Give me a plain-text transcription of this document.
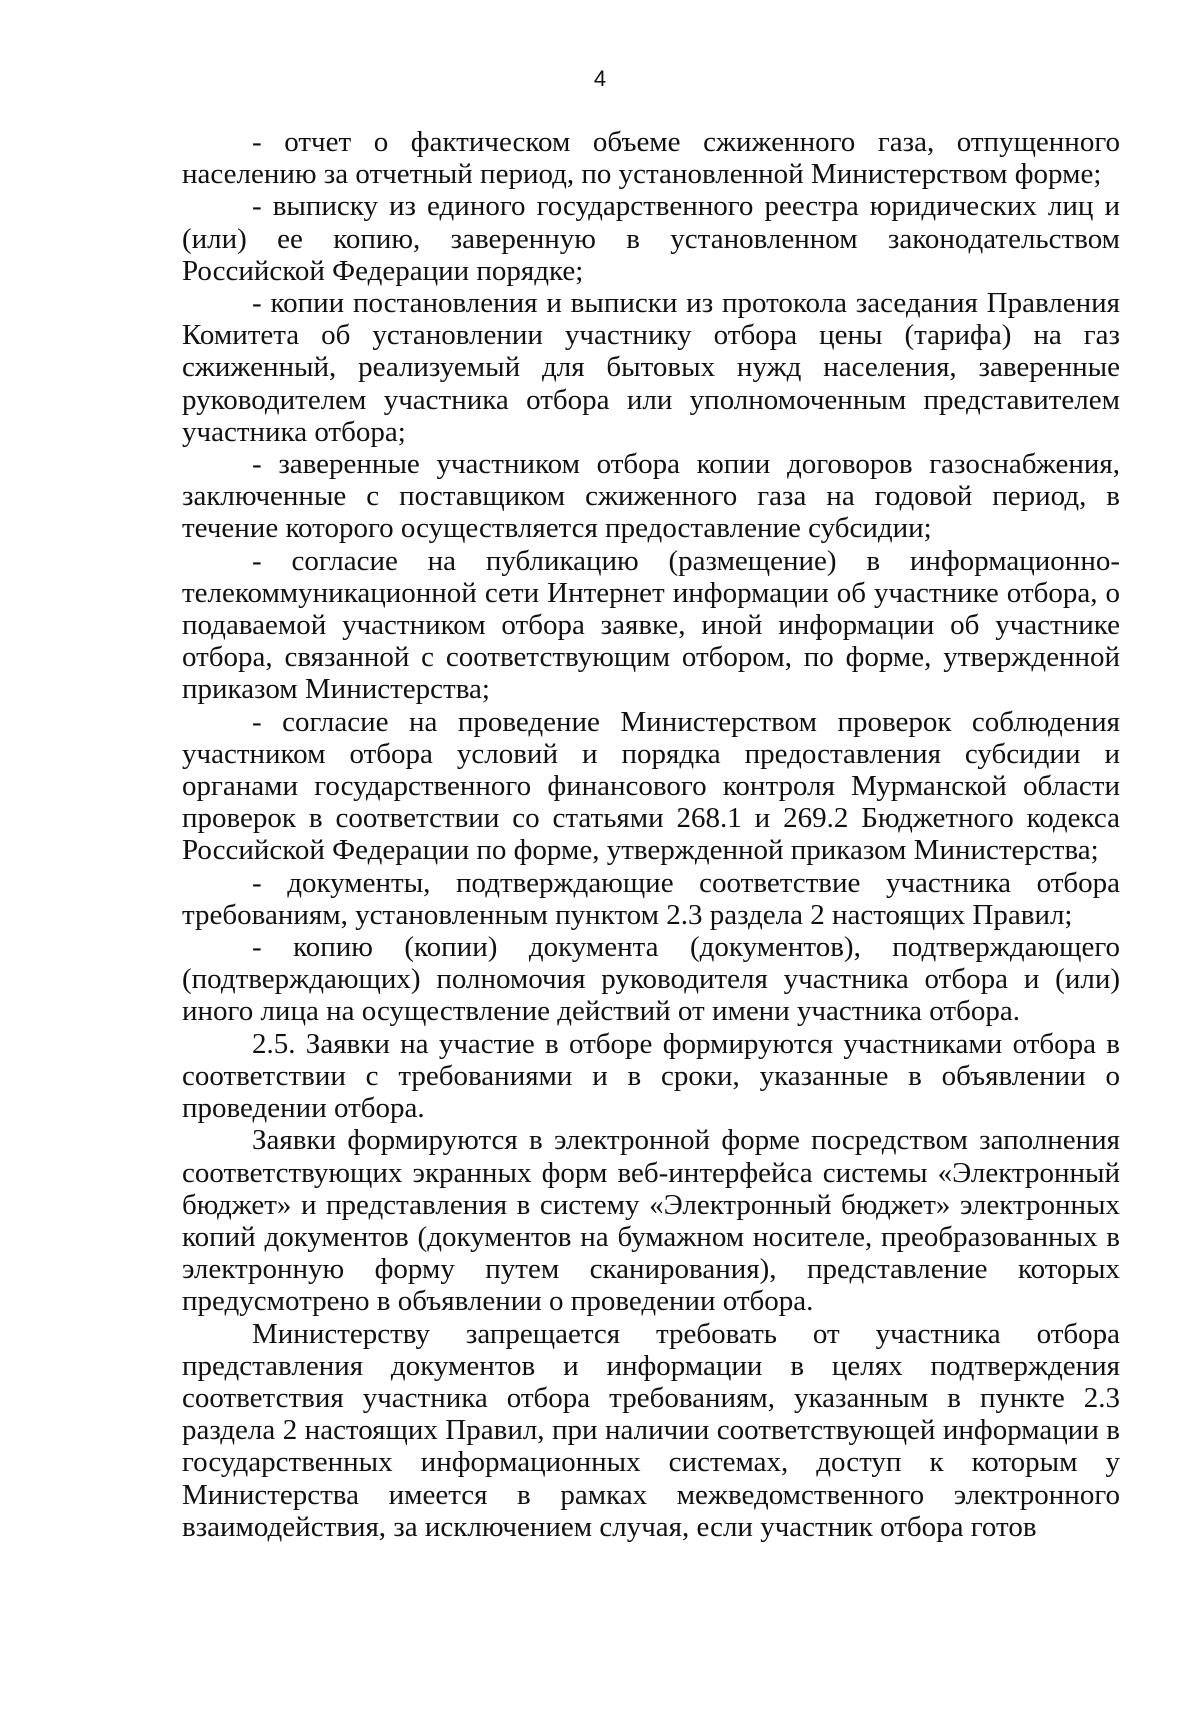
4

- отчет о фактическом объеме сжиженного газа, отпущенного населению за отчетный период, по установленной Министерством форме;

- выписку из единого государственного реестра юридических лиц и (или) ее копию, заверенную в установленном законодательством Российской Федерации порядке;

- копии постановления и выписки из протокола заседания Правления Комитета об установлении участнику отбора цены (тарифа) на газ сжиженный, реализуемый для бытовых нужд населения, заверенные руководителем участника отбора или уполномоченным представителем участника отбора;

- заверенные участником отбора копии договоров газоснабжения, заключенные с поставщиком сжиженного газа на годовой период, в течение которого осуществляется предоставление субсидии;

- согласие на публикацию (размещение) в информационно-телекоммуникационной сети Интернет информации об участнике отбора, о подаваемой участником отбора заявке, иной информации об участнике отбора, связанной с соответствующим отбором, по форме, утвержденной приказом Министерства;

- согласие на проведение Министерством проверок соблюдения участником отбора условий и порядка предоставления субсидии и органами государственного финансового контроля Мурманской области проверок в соответствии со статьями 268.1 и 269.2 Бюджетного кодекса Российской Федерации по форме, утвержденной приказом Министерства;

- документы, подтверждающие соответствие участника отбора требованиям, установленным пунктом 2.3 раздела 2 настоящих Правил;

- копию (копии) документа (документов), подтверждающего (подтверждающих) полномочия руководителя участника отбора и (или) иного лица на осуществление действий от имени участника отбора.

2.5. Заявки на участие в отборе формируются участниками отбора в соответствии с требованиями и в сроки, указанные в объявлении о проведении отбора.

Заявки формируются в электронной форме посредством заполнения соответствующих экранных форм веб-интерфейса системы «Электронный бюджет» и представления в систему «Электронный бюджет» электронных копий документов (документов на бумажном носителе, преобразованных в электронную форму путем сканирования), представление которых предусмотрено в объявлении о проведении отбора.

Министерству запрещается требовать от участника отбора представления документов и информации в целях подтверждения соответствия участника отбора требованиям, указанным в пункте 2.3 раздела 2 настоящих Правил, при наличии соответствующей информации в государственных информационных системах, доступ к которым у Министерства имеется в рамках межведомственного электронного взаимодействия, за исключением случая, если участник отбора готов
